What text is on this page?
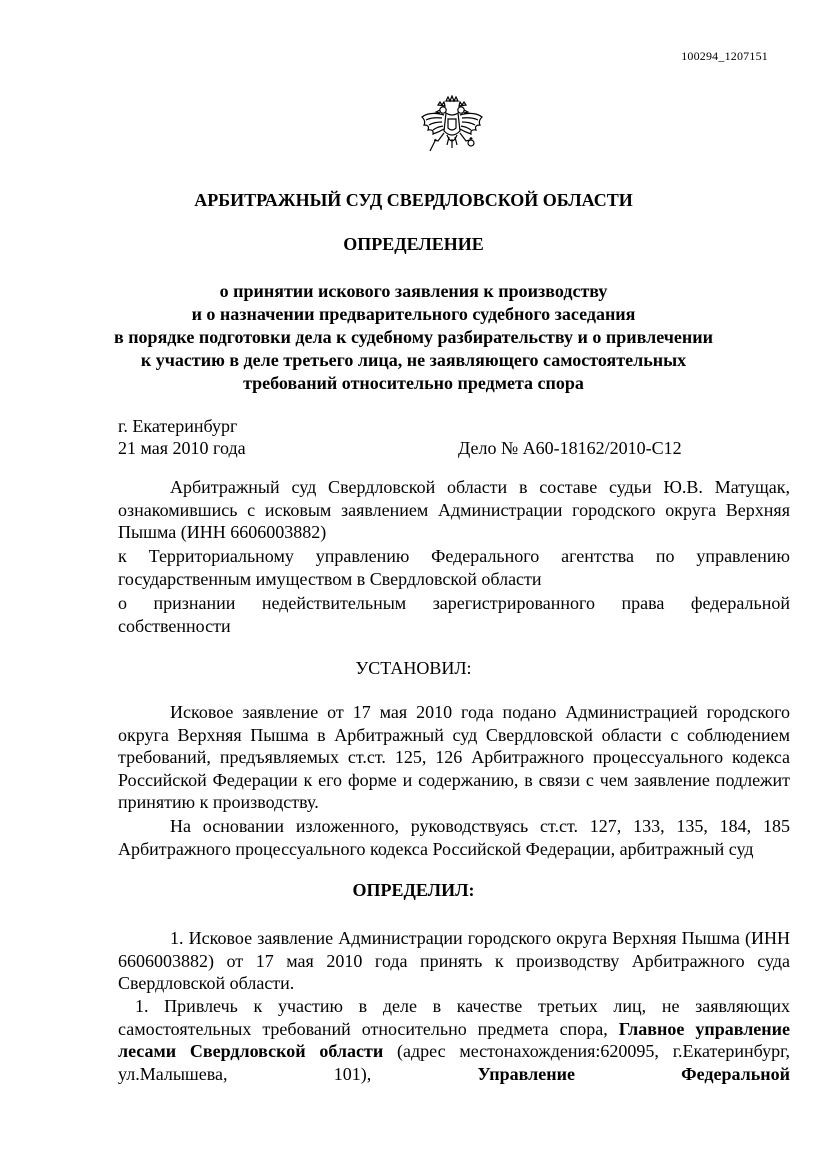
100294_1207151
АРБИТРАЖНЫЙ СУД СВЕРДЛОВСКОЙ ОБЛАСТИ
ОПРЕДЕЛЕНИЕ
о принятии искового заявления к производству
и о назначении предварительного судебного заседания
в порядке подготовки дела к судебному разбирательству и о привлечении
к участию в деле третьего лица, не заявляющего самостоятельных
требований относительно предмета спора
г. Екатеринбург
21 мая 2010 года	Дело № А60-18162/2010-С12

Арбитражный суд Свердловской области в составе судьи Ю.В. Матущак, ознакомившись с исковым заявлением Администрации городского округа Верхняя Пышма (ИНН 6606003882)

к Территориальному управлению Федерального агентства по управлению государственным имуществом в Свердловской области

о признании недействительным зарегистрированного права федеральной собственности

УСТАНОВИЛ:

Исковое заявление от 17 мая 2010 года подано Администрацией городского округа Верхняя Пышма в Арбитражный суд Свердловской области с соблюдением требований, предъявляемых ст.ст. 125, 126 Арбитражного процессуального кодекса Российской Федерации к его форме и содержанию, в связи с чем заявление подлежит принятию к производству.

На основании изложенного, руководствуясь ст.ст. 127, 133, 135, 184, 185 Арбитражного процессуального кодекса Российской Федерации, арбитражный суд

ОПРЕДЕЛИЛ:

1. Исковое заявление Администрации городского округа Верхняя Пышма (ИНН 6606003882) от 17 мая 2010 года принять к производству Арбитражного суда Свердловской области.

1. Привлечь к участию в деле в качестве третьих лиц, не заявляющих самостоятельных требований относительно предмета спора, Главное управление лесами Свердловской области (адрес местонахождения:620095, г.Екатеринбург, ул.Малышева, 101),	Управление Федеральной
